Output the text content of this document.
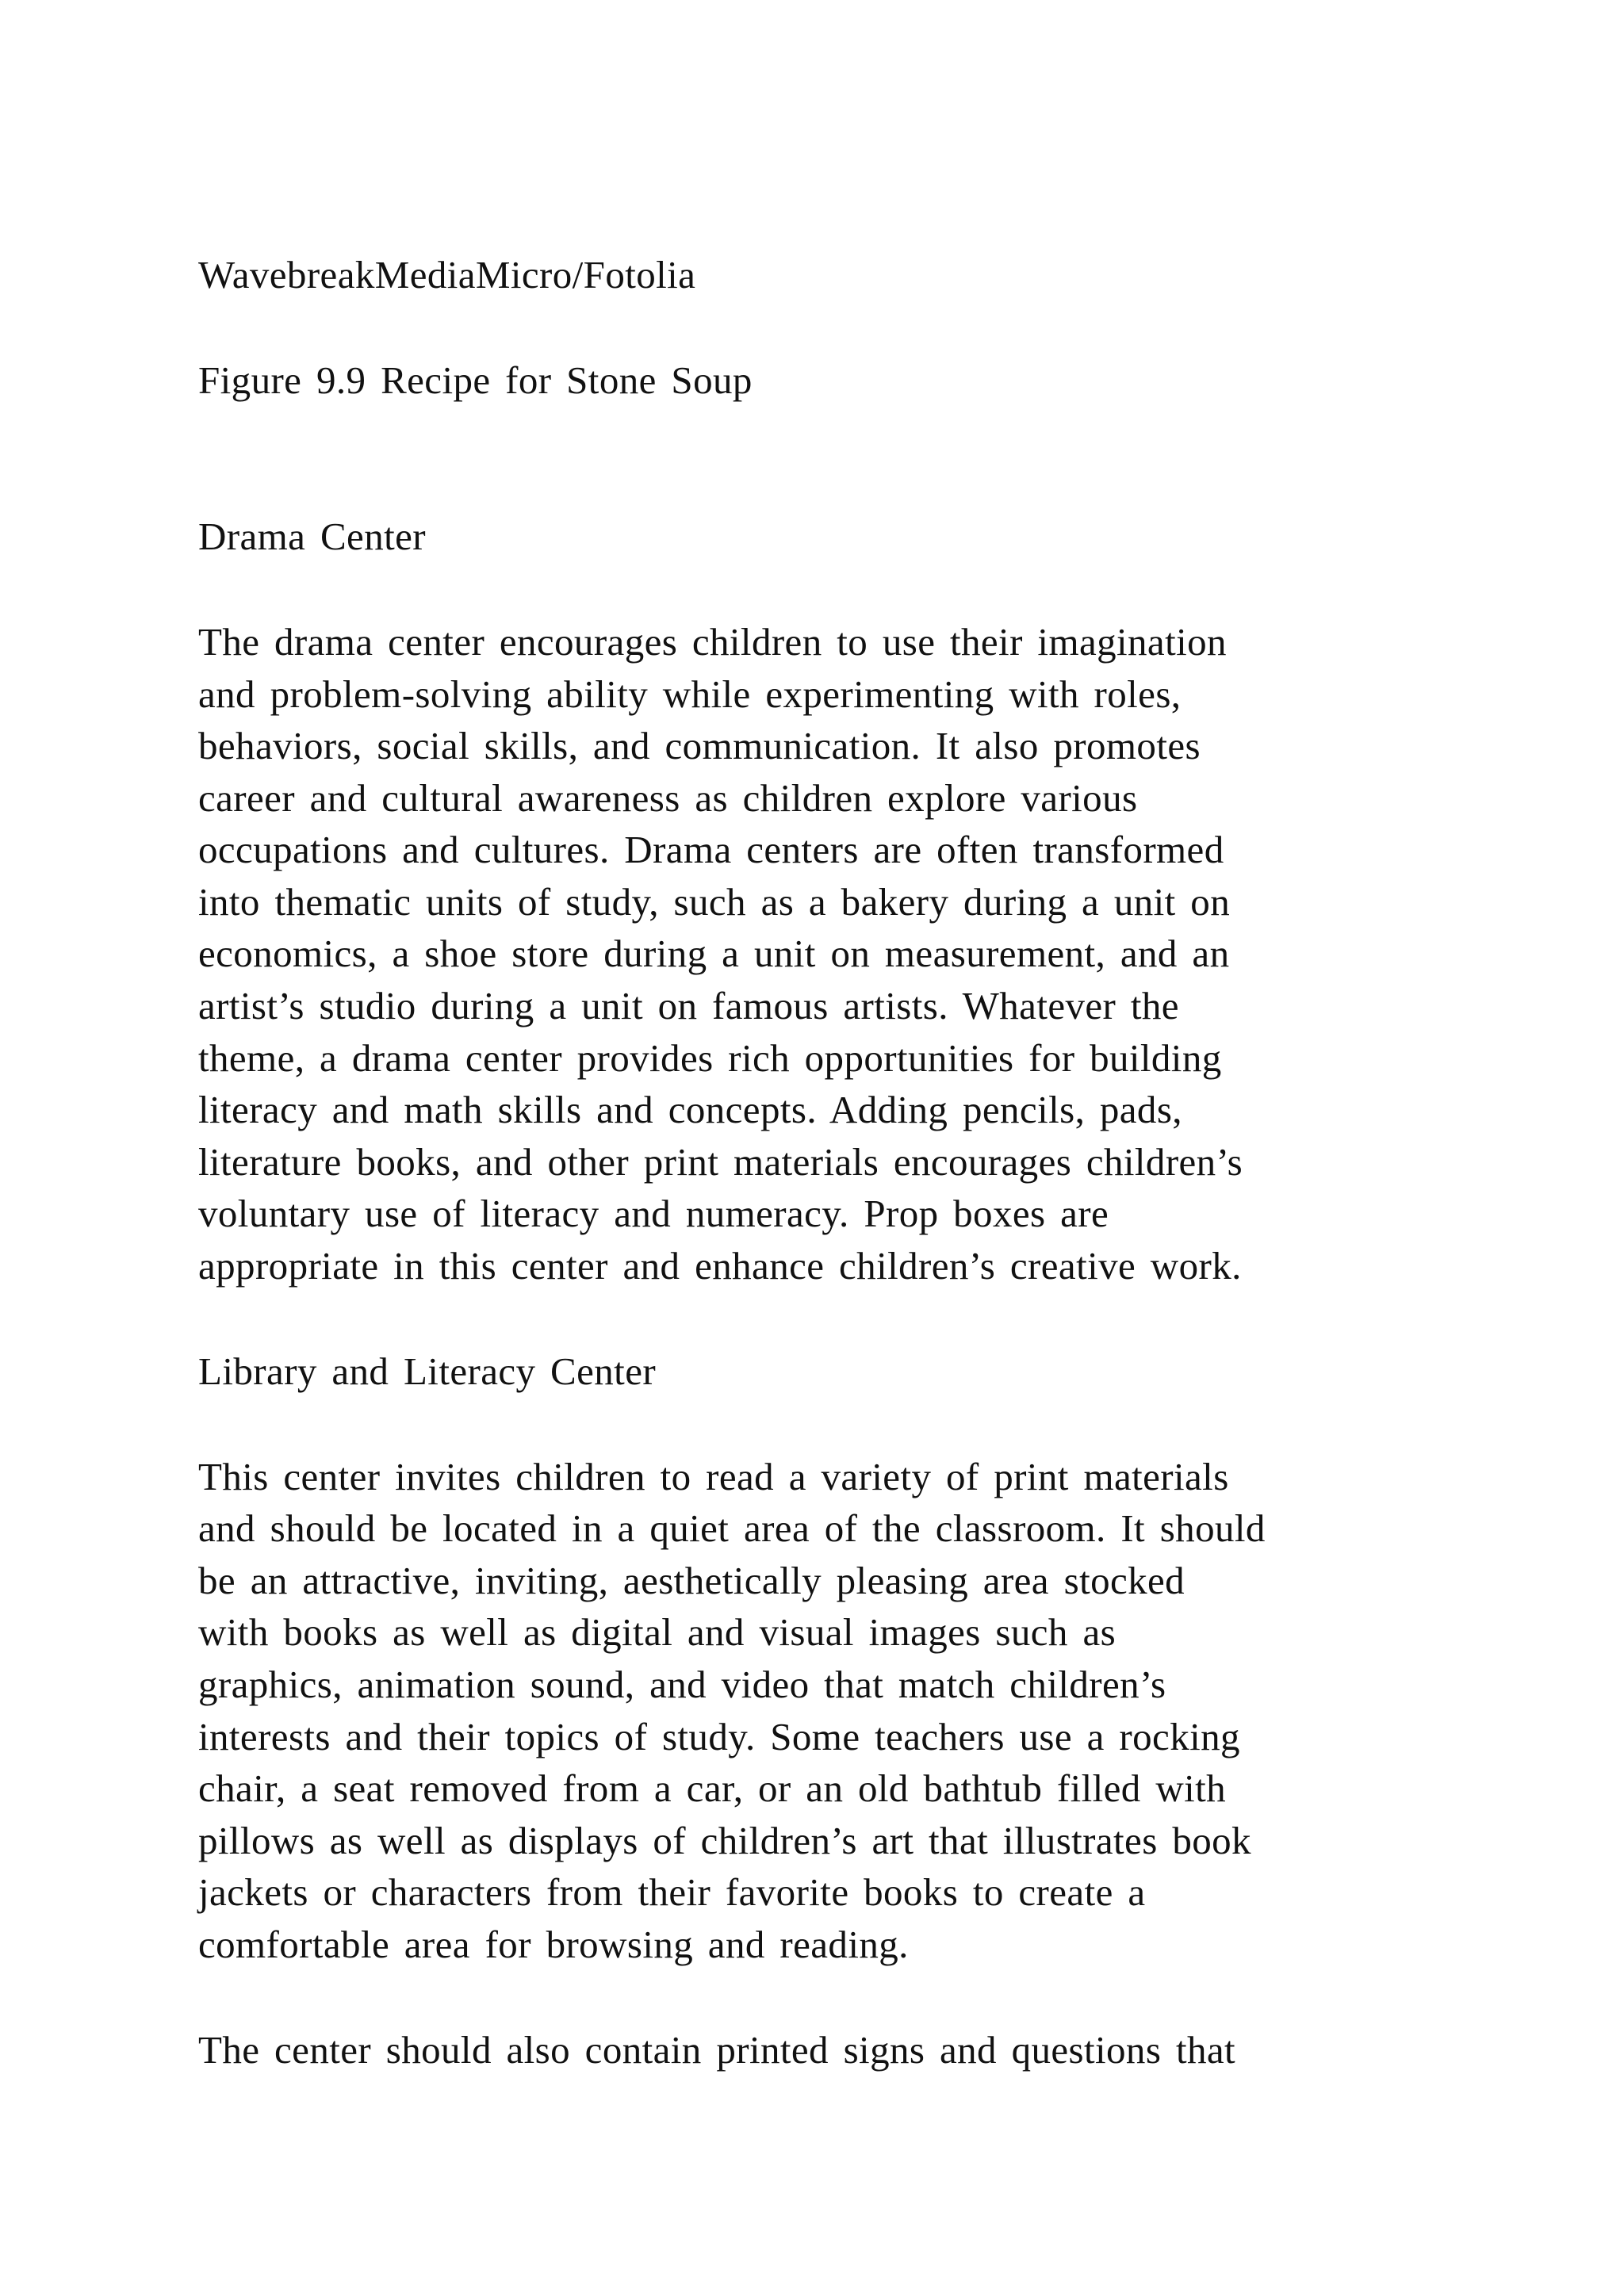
WavebreakMediaMicro/Fotolia
Figure 9.9 Recipe for Stone Soup
Drama Center
The drama center encourages children to use their imagination
and problem-solving ability while experimenting with roles,
behaviors, social skills, and communication. It also promotes
career and cultural awareness as children explore various
occupations and cultures. Drama centers are often transformed
into thematic units of study, such as a bakery during a unit on
economics, a shoe store during a unit on measurement, and an
artist’s studio during a unit on famous artists. Whatever the
theme, a drama center provides rich opportunities for building
literacy and math skills and concepts. Adding pencils, pads,
literature books, and other print materials encourages children’s
voluntary use of literacy and numeracy. Prop boxes are
appropriate in this center and enhance children’s creative work.
Library and Literacy Center
This center invites children to read a variety of print materials
and should be located in a quiet area of the classroom. It should
be an attractive, inviting, aesthetically pleasing area stocked
with books as well as digital and visual images such as
graphics, animation sound, and video that match children’s
interests and their topics of study. Some teachers use a rocking
chair, a seat removed from a car, or an old bathtub filled with
pillows as well as displays of children’s art that illustrates book
jackets or characters from their favorite books to create a
comfortable area for browsing and reading.
The center should also contain printed signs and questions that
